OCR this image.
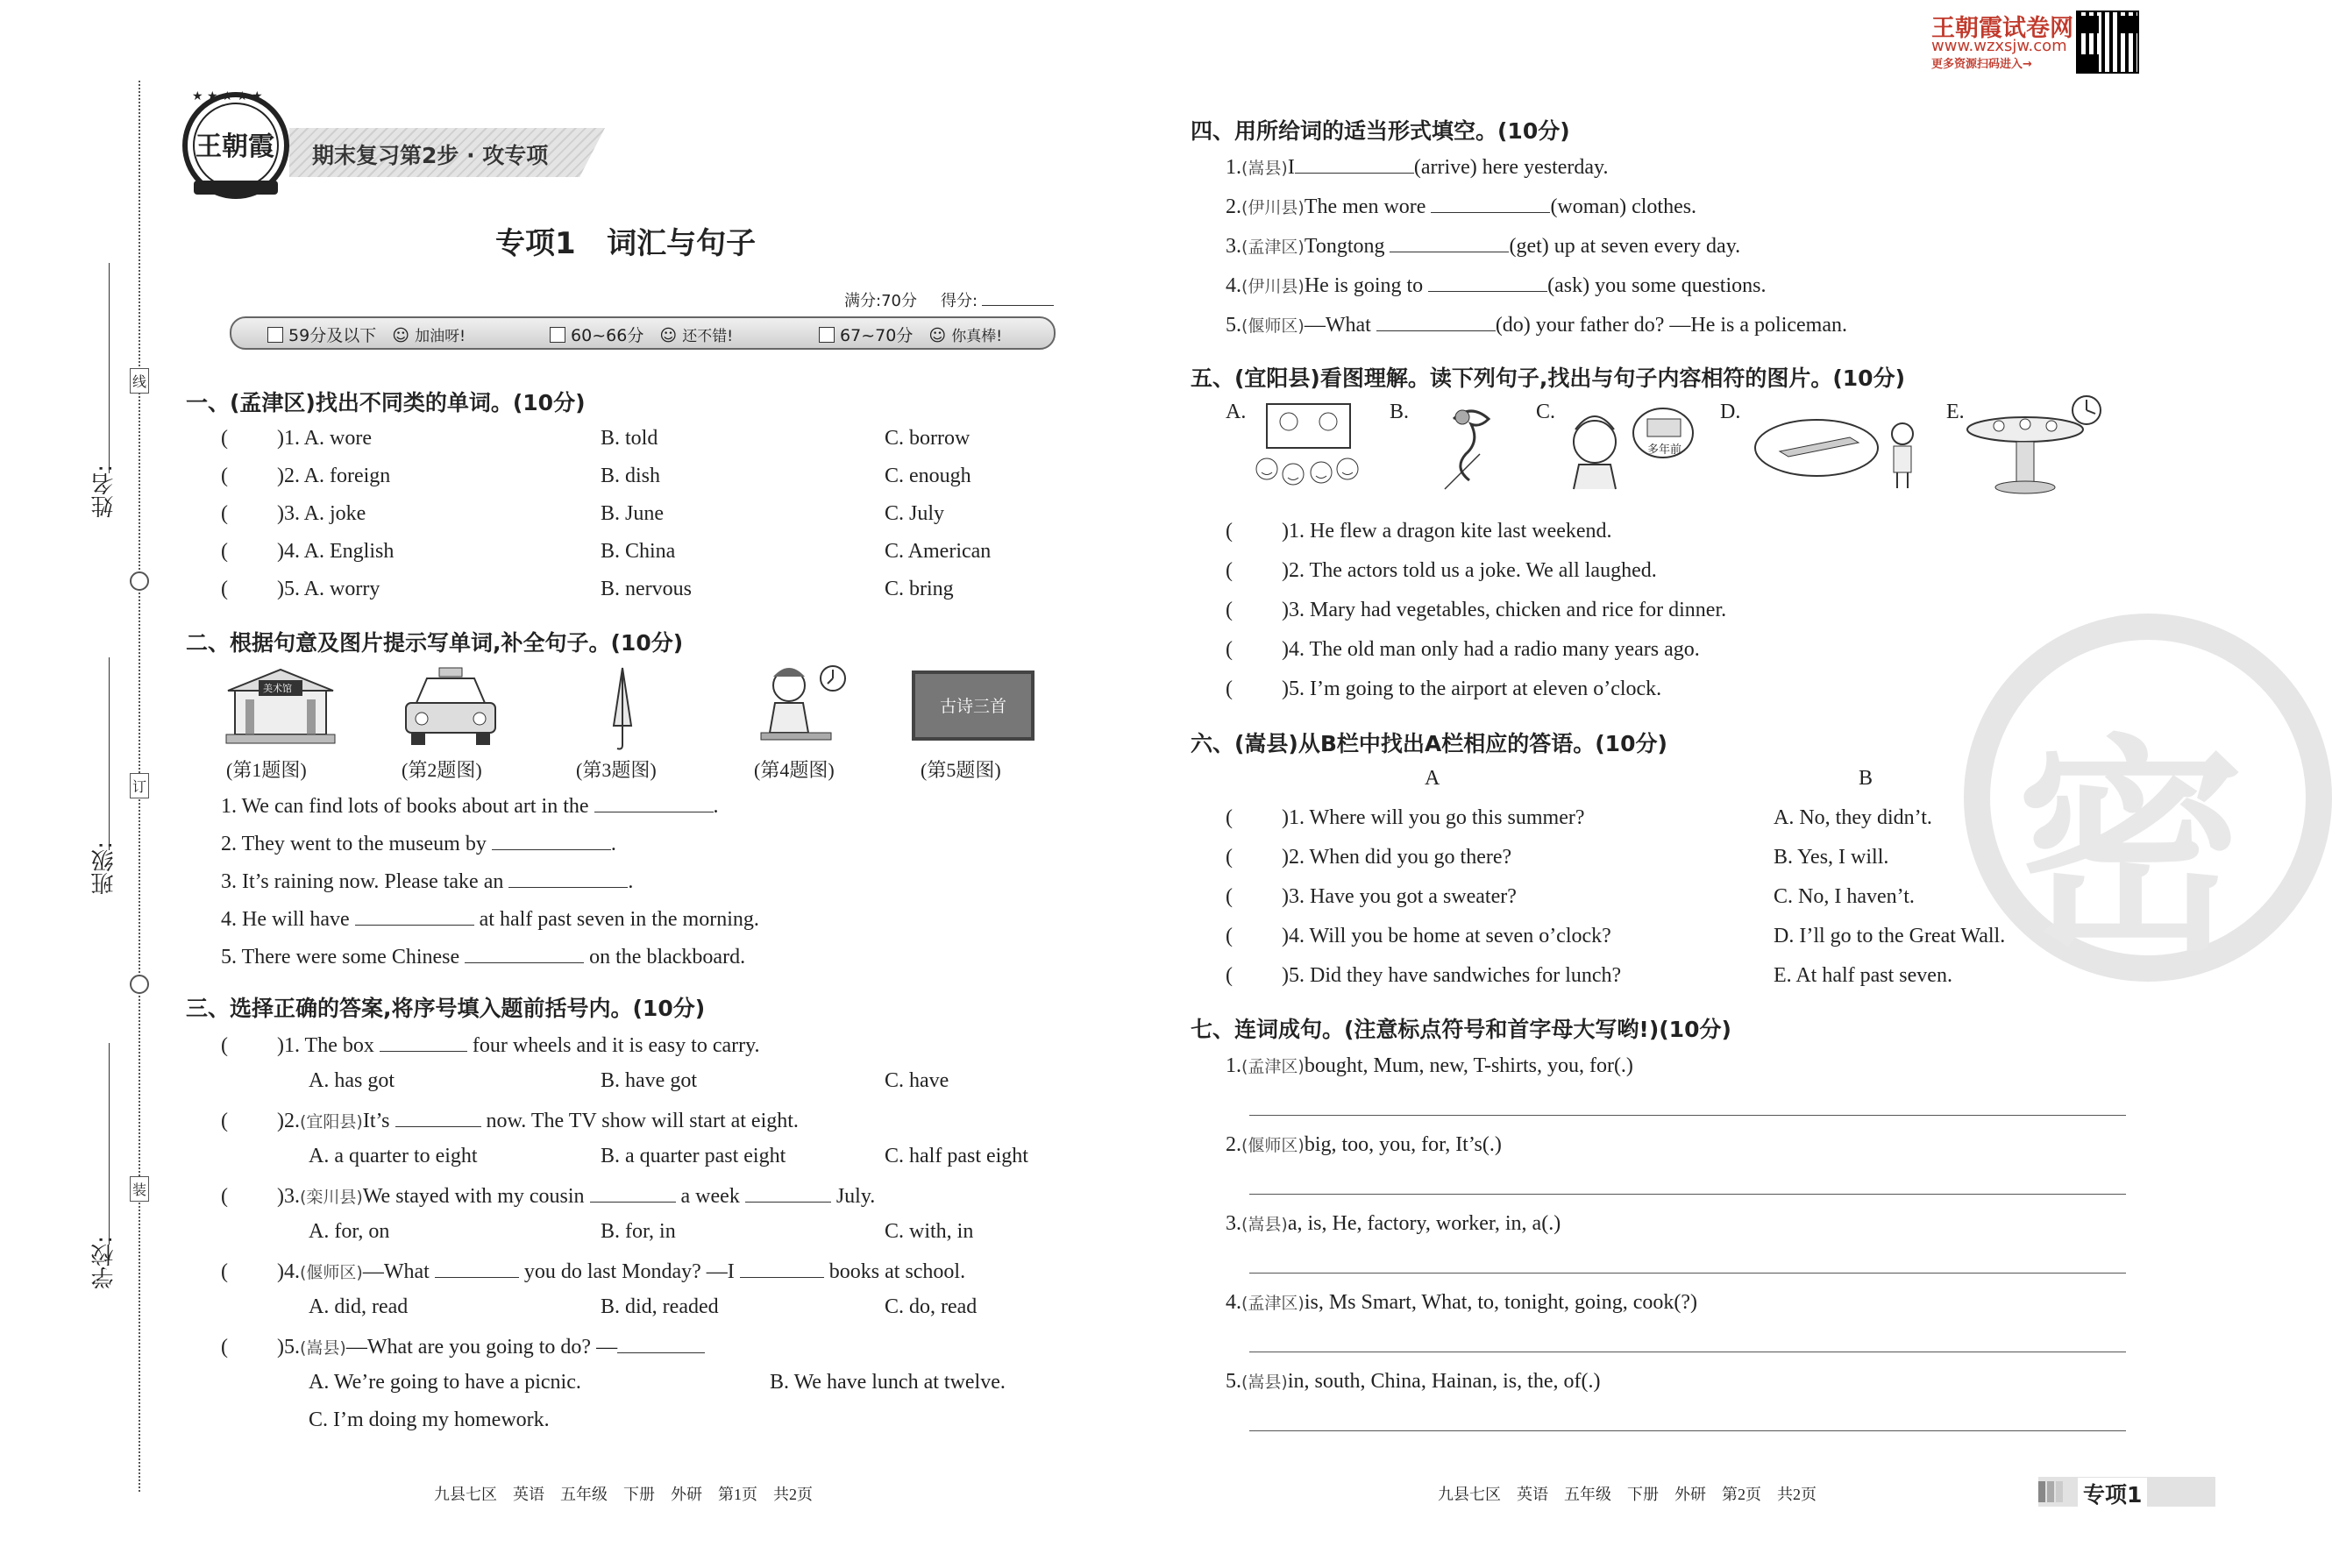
线
订
装
姓名:
班级:
学校:
★ ★ ★ ★ ★
王朝霞 期末复习第2步 · 攻专项
专项1   词汇与句子
满分:70分 得分:
59分及以下 ☺ 加油呀!	60~66分 ☺ 还不错!	67~70分 ☺ 你真棒!
一、(孟津区)找出不同类的单词。(10分)
( )1. A. wore	B. told	C. borrow
( )2. A. foreign	B. dish	C. enough
( )3. A. joke	B. June	C. July
( )4. A. English	B. China	C. American
( )5. A. worry	B. nervous	C. bring
二、根据句意及图片提示写单词,补全句子。(10分)
美术馆
古诗三首
(第1题图)	(第2题图)	(第3题图)	(第4题图)	(第5题图)
1. We can find lots of books about art in the	.
2. They went to the museum by	.
3. It’s raining now. Please take an	.
4. He will have	at half past seven in the morning.
5. There were some Chinese	on the blackboard.
三、选择正确的答案,将序号填入题前括号内。(10分)
( )1. The box	four wheels and it is easy to carry.
A. has got	B. have got	C. have
( )2.(宜阳县)It’s	now. The TV show will start at eight.
A. a quarter to eight	B. a quarter past eight	C. half past eight
( )3.(栾川县)We stayed with my cousin	a week	July.
A. for, on	B. for, in	C. with, in
( )4.(偃师区)—What	you do last Monday? —I	books at school.
A. did, read	B. did, readed	C. do, read
( )5.(嵩县)—What are you going to do? —
A. We’re going to have a picnic.	B. We have lunch at twelve.
C. I’m doing my homework.
九县七区　英语　五年级　下册　外研　第1页　共2页
王朝霞试卷网
www.wzxsjw.com
更多资源扫码进入→
密
四、用所给词的适当形式填空。(10分)
1.(嵩县)I	(arrive) here yesterday.
2.(伊川县)The men wore	(woman) clothes.
3.(孟津区)Tongtong	(get) up at seven every day.
4.(伊川县)He is going to	(ask) you some questions.
5.(偃师区)—What	(do) your father do? —He is a policeman.
五、(宜阳县)看图理解。读下列句子,找出与句子内容相符的图片。(10分)
A.	B.	C.	D.	E.
多年前
( )1. He flew a dragon kite last weekend.
( )2. The actors told us a joke. We all laughed.
( )3. Mary had vegetables, chicken and rice for dinner.
( )4. The old man only had a radio many years ago.
( )5. I’m going to the airport at eleven o’clock.
六、(嵩县)从B栏中找出A栏相应的答语。(10分)
A	B
( )1. Where will you go this summer?	A. No, they didn’t.
( )2. When did you go there?	B. Yes, I will.
( )3. Have you got a sweater?	C. No, I haven’t.
( )4. Will you be home at seven o’clock?	D. I’ll go to the Great Wall.
( )5. Did they have sandwiches for lunch?	E. At half past seven.
七、连词成句。(注意标点符号和首字母大写哟!)(10分)
1.(孟津区)bought, Mum, new, T-shirts, you, for(.)
2.(偃师区)big, too, you, for, It’s(.)
3.(嵩县)a, is, He, factory, worker, in, a(.)
4.(孟津区)is, Ms Smart, What, to, tonight, going, cook(?)
5.(嵩县)in, south, China, Hainan, is, the, of(.)
九县七区　英语　五年级　下册　外研　第2页　共2页	专项1
